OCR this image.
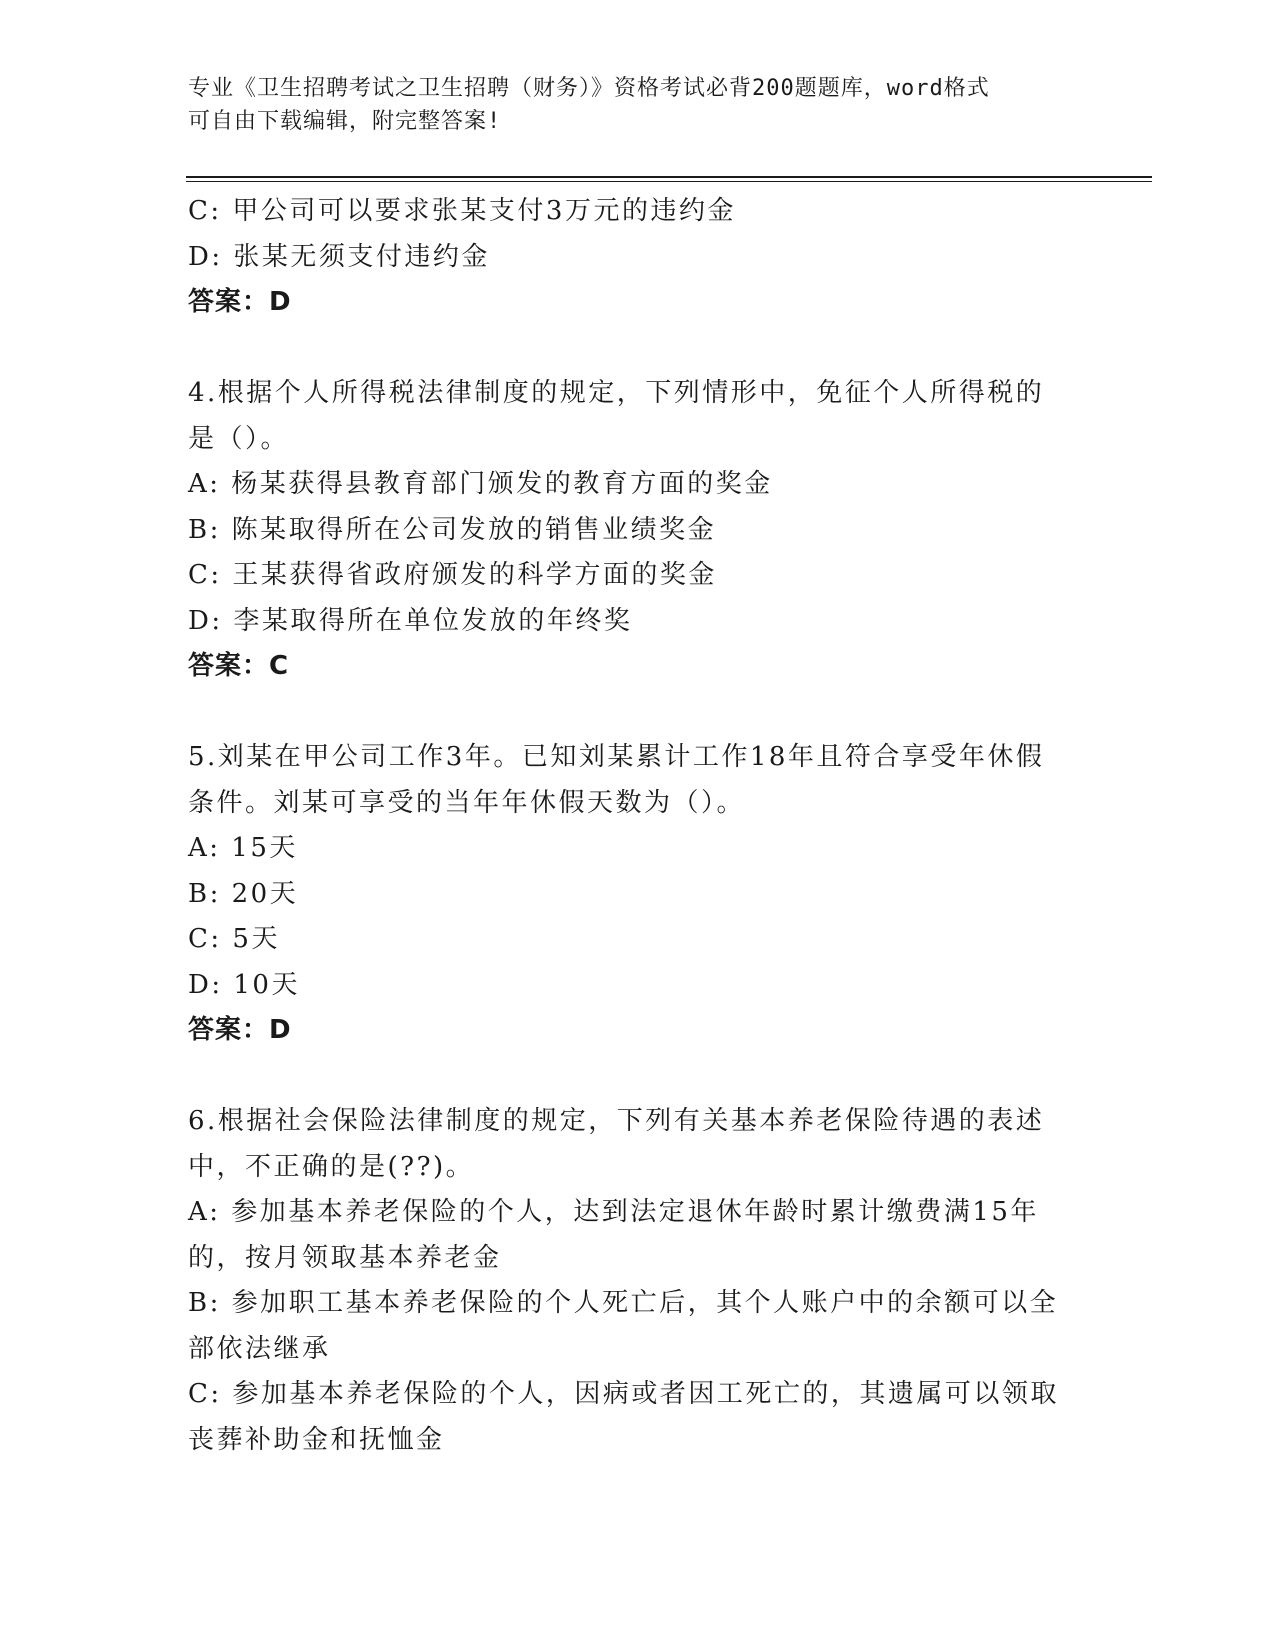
专业《卫生招聘考试之卫生招聘（财务）》资格考试必背200题题库，word格式

可自由下载编辑，附完整答案!

C: 甲公司可以要求张某支付3万元的违约金
D: 张某无须支付违约金
答案：D
4.根据个人所得税法律制度的规定，下列情形中，免征个人所得税的
是（）。
A: 杨某获得县教育部门颁发的教育方面的奖金
B: 陈某取得所在公司发放的销售业绩奖金
C: 王某获得省政府颁发的科学方面的奖金
D: 李某取得所在单位发放的年终奖
答案：C
5.刘某在甲公司工作3年。已知刘某累计工作18年且符合享受年休假
条件。刘某可享受的当年年休假天数为（）。
A: 15天
B: 20天
C: 5天
D: 10天
答案：D
6.根据社会保险法律制度的规定，下列有关基本养老保险待遇的表述
中，不正确的是(??)。
A: 参加基本养老保险的个人，达到法定退休年龄时累计缴费满15年
的，按月领取基本养老金
B: 参加职工基本养老保险的个人死亡后，其个人账户中的余额可以全
部依法继承
C: 参加基本养老保险的个人，因病或者因工死亡的，其遗属可以领取
丧葬补助金和抚恤金
